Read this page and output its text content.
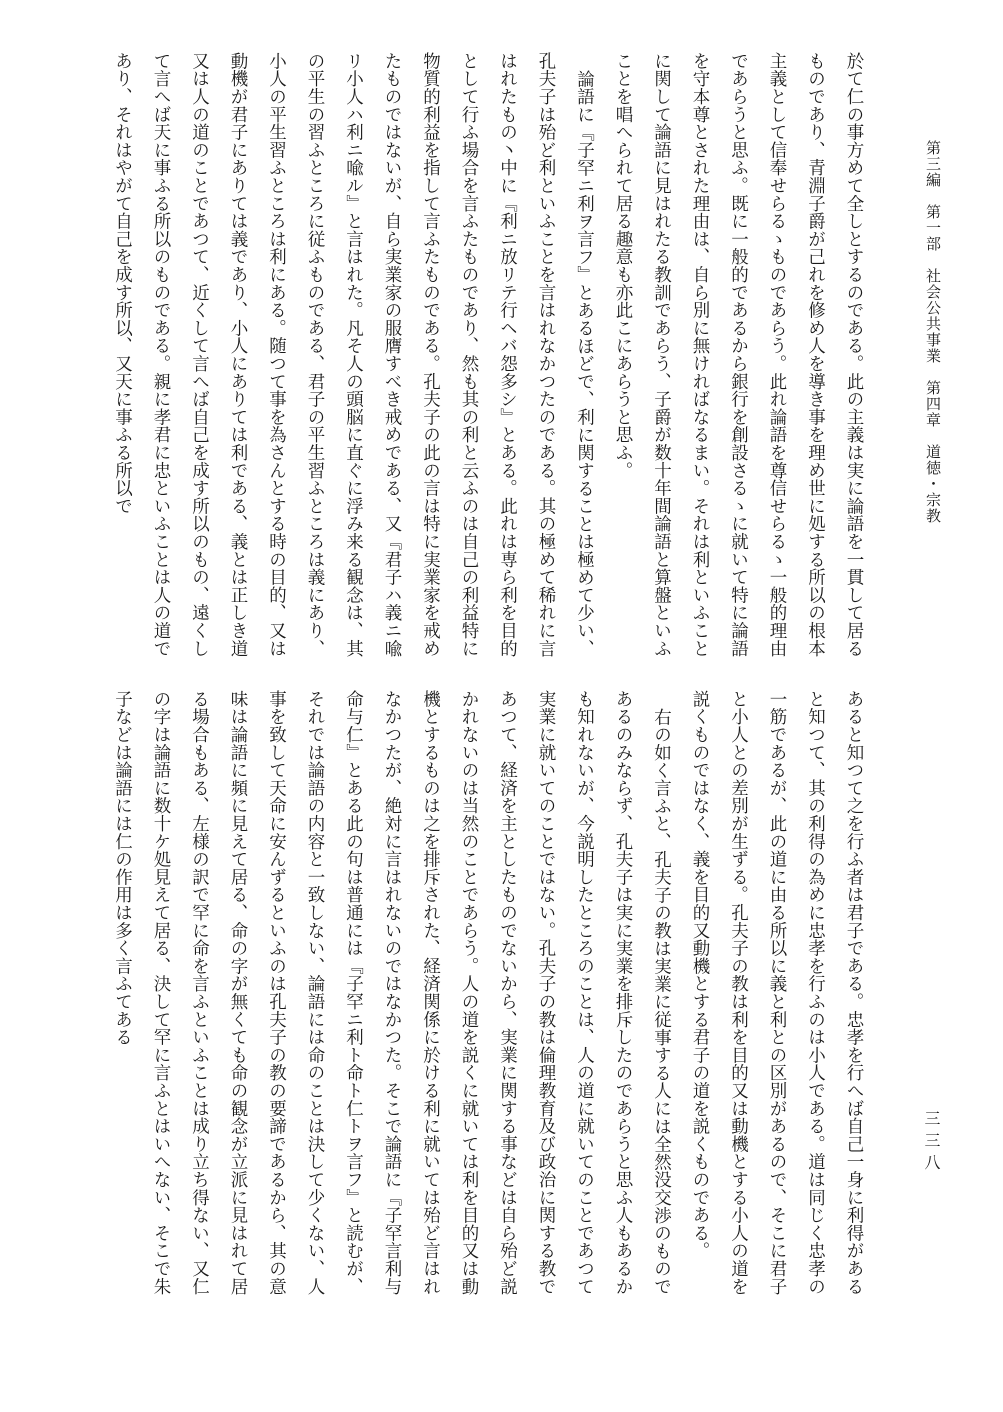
第三編　第一部　社会公共事業　第四章　道徳・宗教
三三八

於て仁の事方めて全しとするのである。此の主義は実に論語を一貫して居るものであり、青淵子爵が己れを修め人を導き事を理め世に処する所以の根本主義として信奉せらるゝものであらう。此れ論語を尊信せらるゝ一般的理由であらうと思ふ。既に一般的であるから銀行を創設さるゝに就いて特に論語を守本尊とされた理由は、自ら別に無ければなるまい。それは利といふことに関して論語に見はれたる教訓であらう、子爵が数十年間論語と算盤といふことを唱へられて居る趣意も亦此こにあらうと思ふ。

論語に『子罕ニ利ヲ言フ』とあるほどで、利に関することは極めて少い、孔夫子は殆ど利といふことを言はれなかつたのである。其の極めて稀れに言はれたもの丶中に『利ニ放リテ行ヘバ怨多シ』とある。此れは専ら利を目的として行ふ場合を言ふたものであり、然も其の利と云ふのは自己の利益特に物質的利益を指して言ふたものである。孔夫子の此の言は特に実業家を戒めたものではないが、自ら実業家の服膺すべき戒めである、又『君子ハ義ニ喩リ小人ハ利ニ喩ル』と言はれた。凡そ人の頭脳に直ぐに浮み来る観念は、其の平生の習ふところに従ふものである、君子の平生習ふところは義にあり、小人の平生習ふところは利にある。随つて事を為さんとする時の目的、又は動機が君子にありては義であり、小人にありては利である、義とは正しき道又は人の道のことであつて、近くして言へば自己を成す所以のもの、遠くして言へば天に事ふる所以のものである。親に孝君に忠といふことは人の道であり、それはやがて自己を成す所以、又天に事ふる所以で

あると知つて之を行ふ者は君子である。忠孝を行へば自己一身に利得があると知つて、其の利得の為めに忠孝を行ふのは小人である。道は同じく忠孝の一筋であるが、此の道に由る所以に義と利との区別があるので、そこに君子と小人との差別が生ずる。孔夫子の教は利を目的又は動機とする小人の道を説くものではなく、義を目的又動機とする君子の道を説くものである。

右の如く言ふと、孔夫子の教は実業に従事する人には全然没交渉のものであるのみならず、孔夫子は実に実業を排斥したのであらうと思ふ人もあるかも知れないが、今説明したところのことは、人の道に就いてのことであつて実業に就いてのことではない。孔夫子の教は倫理教育及び政治に関する教であつて、経済を主としたものでないから、実業に関する事などは自ら殆ど説かれないのは当然のことであらう。人の道を説くに就いては利を目的又は動機とするものは之を排斥された、経済関係に於ける利に就いては殆ど言はれなかつたが、絶対に言はれないのではなかつた。そこで論語に『子罕言利与命与仁』とある此の句は普通には『子罕ニ利ト命ト仁トヲ言フ』と読むが、それでは論語の内容と一致しない、論語には命のことは決して少くない、人事を致して天命に安んずるといふのは孔夫子の教の要諦であるから、其の意味は論語に頻に見えて居る、命の字が無くても命の観念が立派に見はれて居る場合もある、左様の訳で罕に命を言ふといふことは成り立ち得ない、又仁の字は論語に数十ケ処見えて居る、決して罕に言ふとはいへない、そこで朱子などは論語には仁の作用は多く言ふてある
